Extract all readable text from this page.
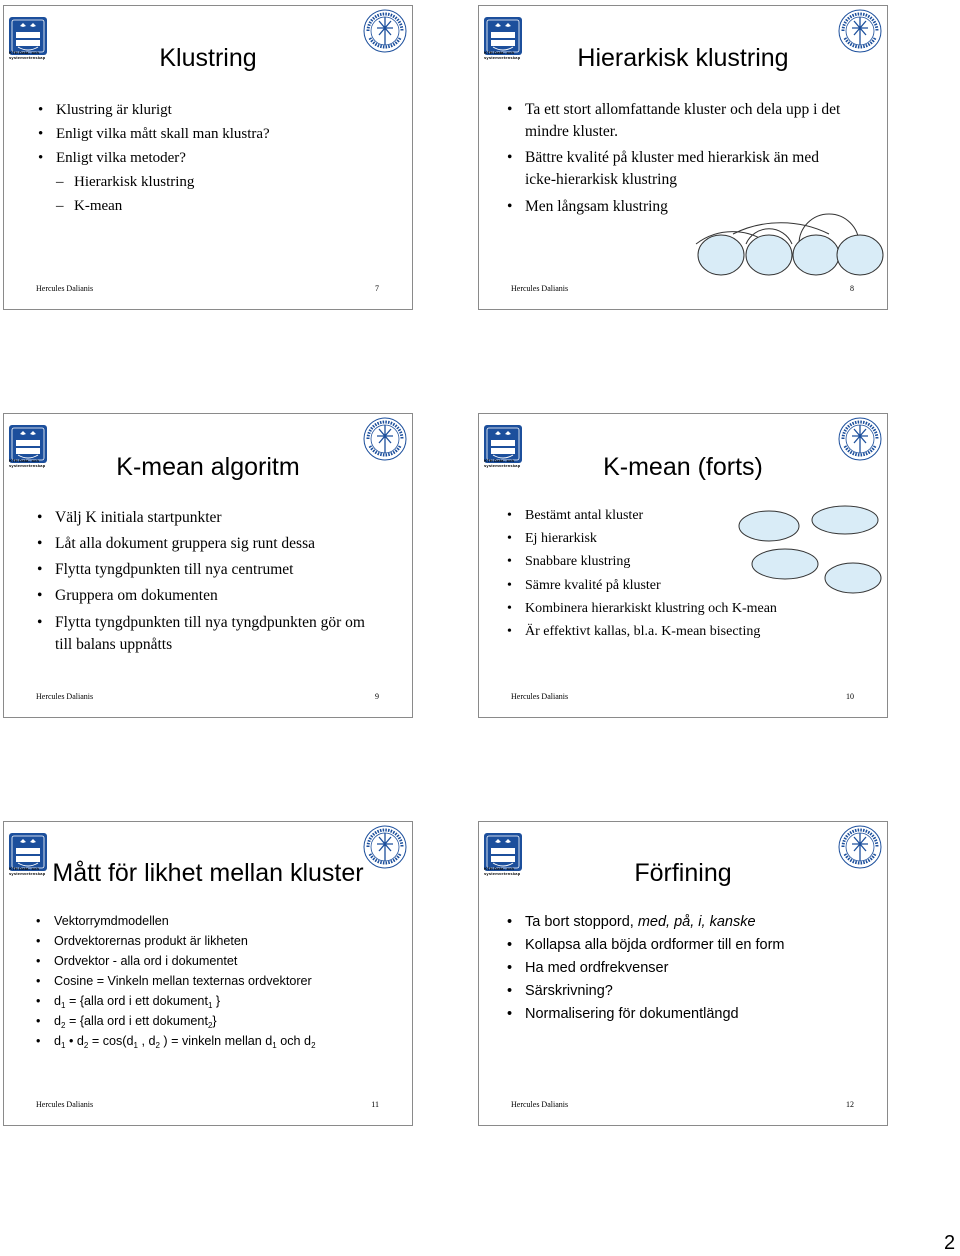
KTH Data- och
systemvetenskap	Klustring
• Klustring är klurigt
• Enligt vilka mått skall man klustra?
• Enligt vilka metoder?
– Hierarkisk klustring
– K-mean
Hercules Dalianis	7
KTH Data- och
systemvetenskap	Hierarkisk klustring
• Ta ett stort allomfattande kluster och dela upp i det mindre kluster.
• Bättre kvalité på kluster med hierarkisk än med icke-hierarkisk klustring
• Men långsam klustring
Hercules Dalianis	8
KTH Data- och
systemvetenskap	K-mean algoritm
• Välj K initiala startpunkter
• Låt alla dokument gruppera sig runt dessa
• Flytta tyngdpunkten till nya centrumet
• Gruppera om dokumenten
• Flytta tyngdpunkten till nya tyngdpunkten gör om till balans uppnåtts
Hercules Dalianis	9
KTH Data- och
systemvetenskap	K-mean (forts)
• Bestämt antal kluster
• Ej hierarkisk
• Snabbare klustring
• Sämre kvalité på kluster
• Kombinera hierarkiskt klustring och K-mean
• Är effektivt kallas, bl.a. K-mean bisecting
Hercules Dalianis	10
KTH Data- och
systemvetenskap Mått för likhet mellan kluster
• Vektorrymdmodellen
• Ordvektorernas produkt är likheten
• Ordvektor - alla ord i dokumentet
• Cosine = Vinkeln mellan texternas ordvektorer
• $d_1$ = {alla ord i ett dokument$_1$ }
• $d_2$ = {alla ord i ett dokument$_2$}
• $d_1$ • $d_2 = \cos(d_1$ , $d_2$ ) = vinkeln mellan $d_1$ och $d_2$
Hercules Dalianis	11
KTH Data- och
systemvetenskap	Förfining
• Ta bort stoppord, med, på, i, kanske
• Kollapsa alla böjda ordformer till en form
• Ha med ordfrekvenser
• Särskrivning?
• Normalisering för dokumentlängd
Hercules Dalianis	12
2
